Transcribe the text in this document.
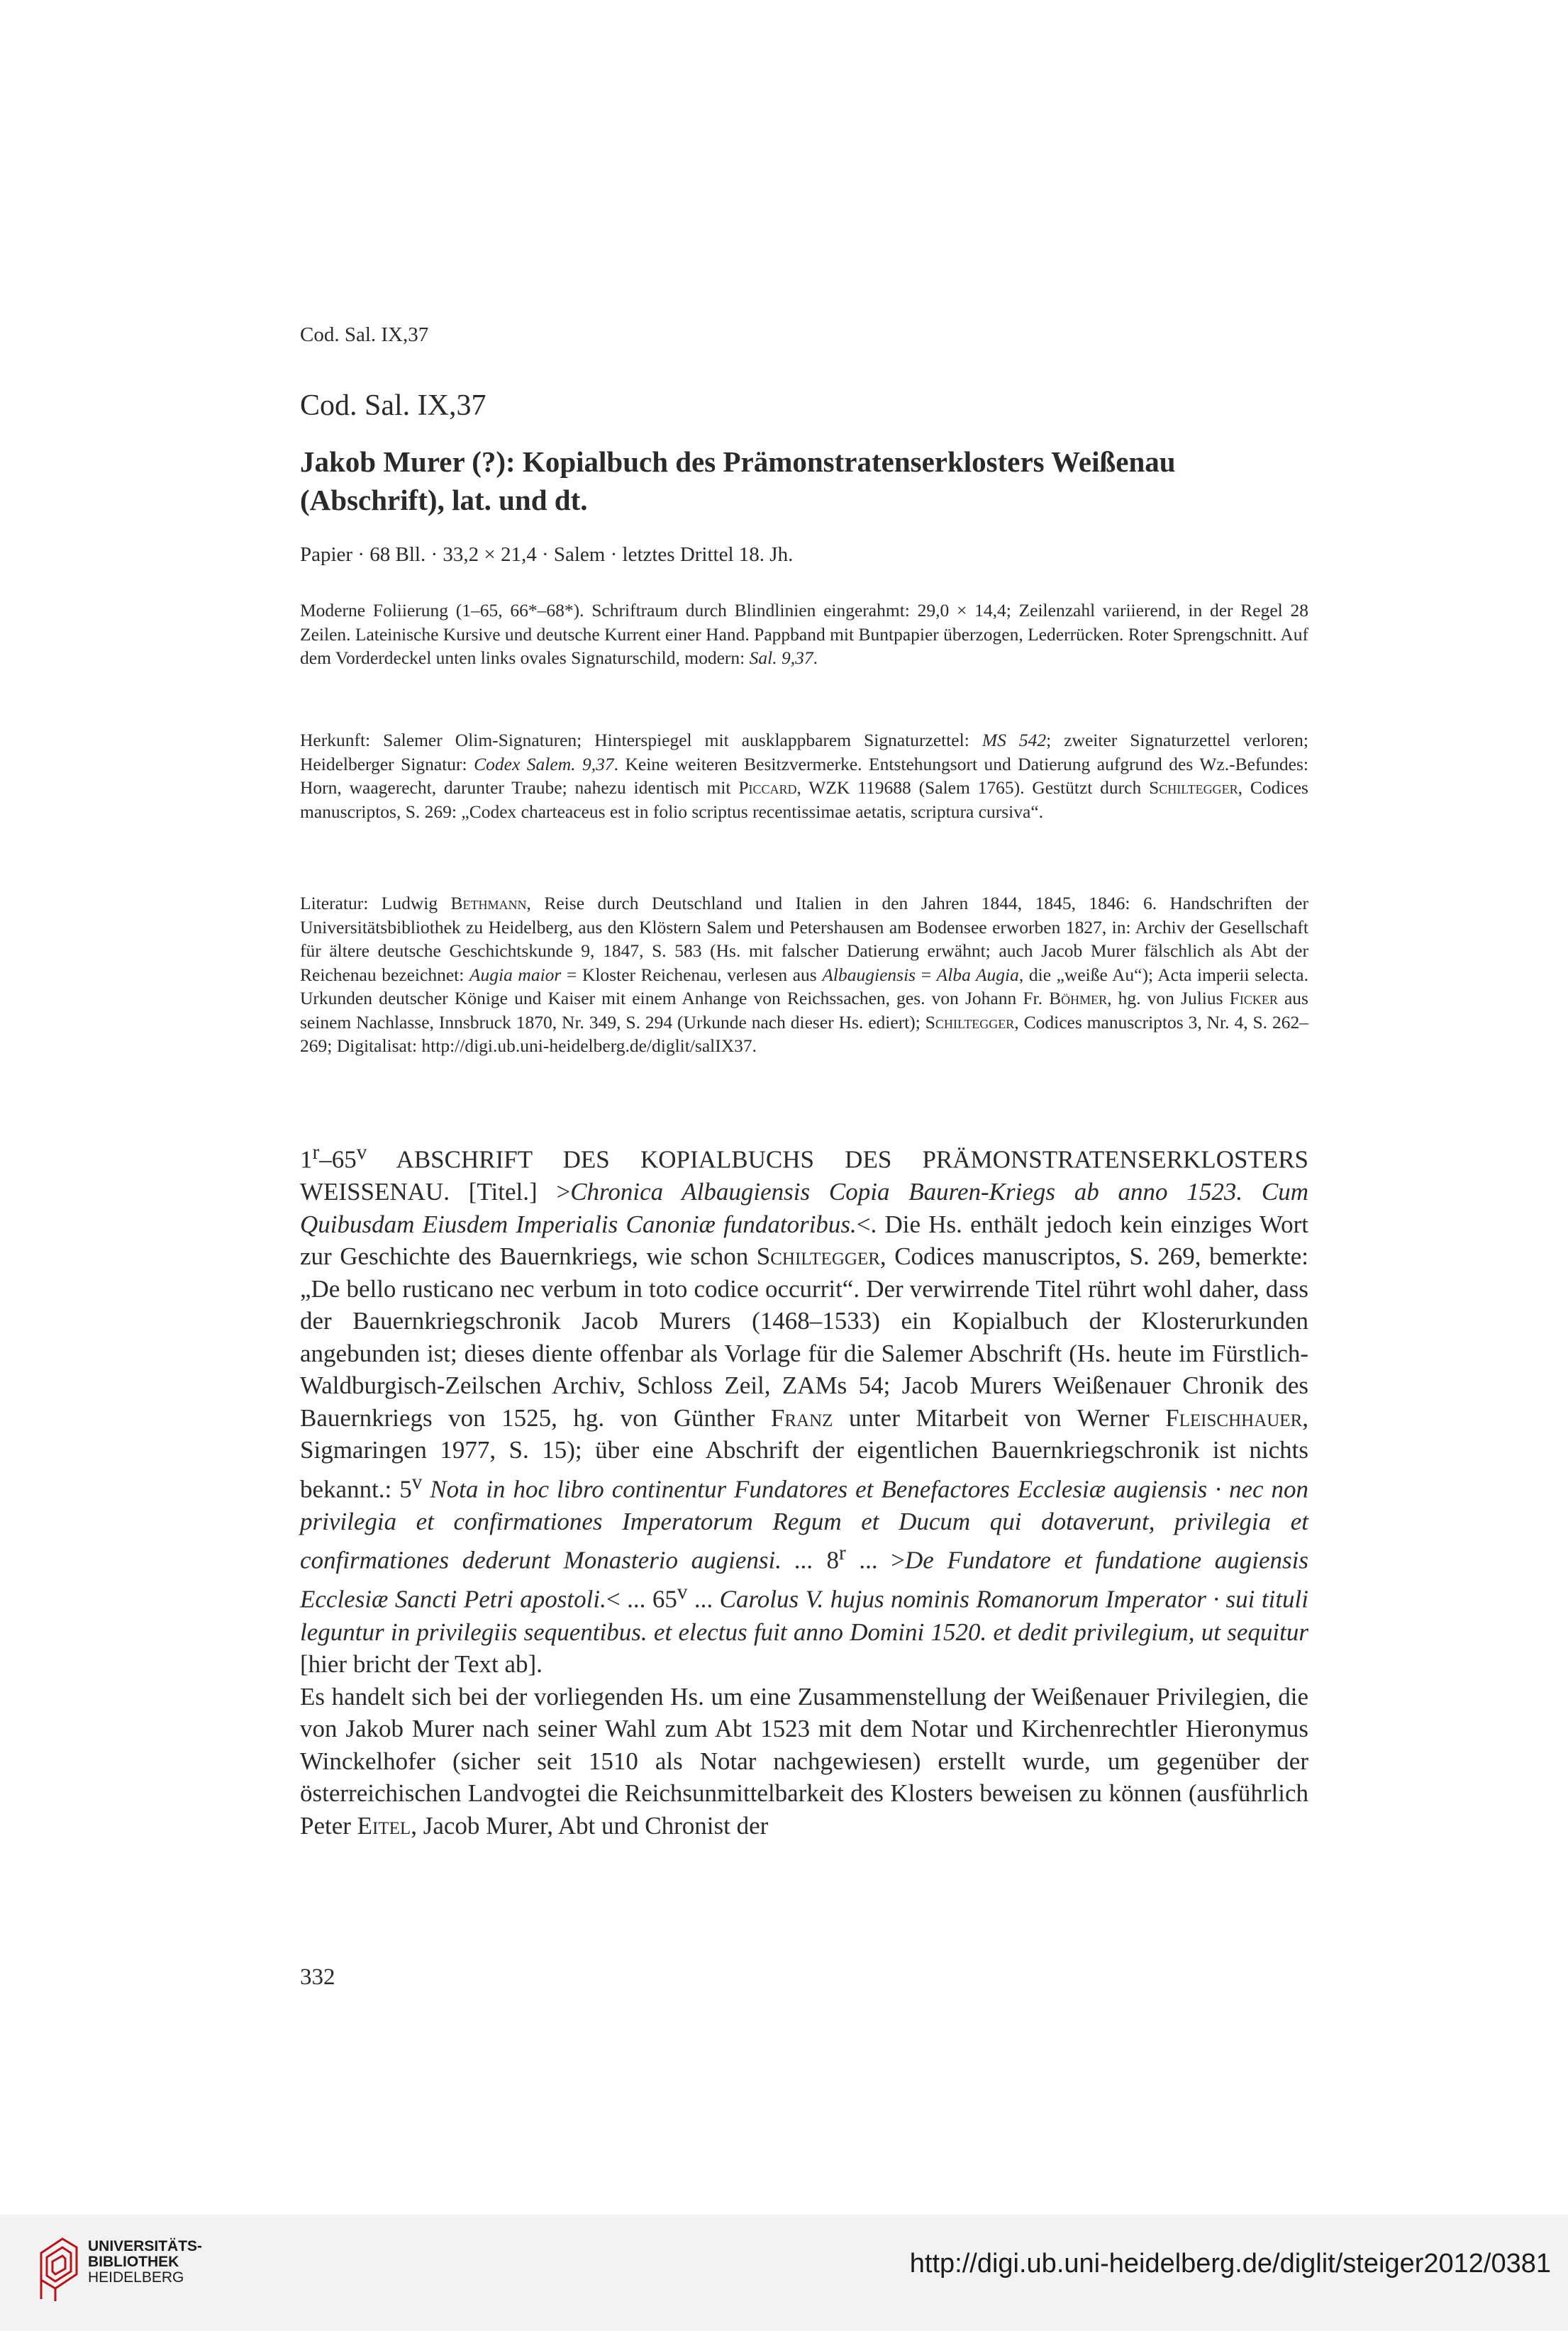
Cod. Sal. IX,37
Cod. Sal. IX,37
Jakob Murer (?): Kopialbuch des Prämonstratenserklosters Weißenau
(Abschrift), lat. und dt.
Papier · 68 Bll. · 33,2 × 21,4 · Salem · letztes Drittel 18. Jh.
Moderne Foliierung (1–65, 66*–68*). Schriftraum durch Blindlinien eingerahmt: 29,0 × 14,4; Zeilenzahl variierend, in der Regel 28 Zeilen. Lateinische Kursive und deutsche Kurrent einer Hand. Pappband mit Buntpapier überzogen, Lederrücken. Roter Sprengschnitt. Auf dem Vorderdeckel unten links ovales Signaturschild, modern: Sal. 9,37.
Herkunft: Salemer Olim-Signaturen; Hinterspiegel mit ausklappbarem Signaturzettel: MS 542; zweiter Signaturzettel verloren; Heidelberger Signatur: Codex Salem. 9,37. Keine weiteren Besitzvermerke. Entstehungsort und Datierung aufgrund des Wz.-Befundes: Horn, waagerecht, darunter Traube; nahezu identisch mit Piccard, WZK 119688 (Salem 1765). Gestützt durch Schiltegger, Codices manuscriptos, S. 269: „Codex charteaceus est in folio scriptus recentissimae aetatis, scriptura cursiva“.
Literatur: Ludwig Bethmann, Reise durch Deutschland und Italien in den Jahren 1844, 1845, 1846: 6. Handschriften der Universitätsbibliothek zu Heidelberg, aus den Klöstern Salem und Petershausen am Bodensee erworben 1827, in: Archiv der Gesellschaft für ältere deutsche Geschichtskunde 9, 1847, S. 583 (Hs. mit falscher Datierung erwähnt; auch Jacob Murer fälschlich als Abt der Reichenau bezeichnet: Augia maior = Kloster Reichenau, verlesen aus Albaugiensis = Alba Augia, die „weiße Au“); Acta imperii selecta. Urkunden deutscher Könige und Kaiser mit einem Anhange von Reichssachen, ges. von Johann Fr. Böhmer, hg. von Julius Ficker aus seinem Nachlasse, Innsbruck 1870, Nr. 349, S. 294 (Urkunde nach dieser Hs. ediert); Schiltegger, Codices manuscriptos 3, Nr. 4, S. 262–269; Digitalisat: http://digi.ub.uni-heidelberg.de/diglit/salIX37.

1$^r$–65$^v$ ABSCHRIFT DES KOPIALBUCHS DES PRÄMONSTRATENSERKLOSTERS WEISSENAU. [Titel.] >Chronica Albaugiensis Copia Bauren-Kriegs ab anno 1523. Cum Quibusdam Eiusdem Imperialis Canoniæ fundatoribus.<. Die Hs. enthält jedoch kein einziges Wort zur Geschichte des Bauernkriegs, wie schon Schiltegger, Codices manuscriptos, S. 269, bemerkte: „De bello rusticano nec verbum in toto codice occurrit“. Der verwirrende Titel rührt wohl daher, dass der Bauernkriegschronik Jacob Murers (1468–1533) ein Kopialbuch der Klosterurkunden angebunden ist; dieses diente offenbar als Vorlage für die Salemer Abschrift (Hs. heute im Fürstlich-Waldburgisch-Zeilschen Archiv, Schloss Zeil, ZAMs 54; Jacob Murers Weißenauer Chronik des Bauernkriegs von 1525, hg. von Günther Franz unter Mitarbeit von Werner Fleischhauer, Sigmaringen 1977, S. 15); über eine Abschrift der eigentlichen Bauernkriegschronik ist nichts bekannt.: 5$^v$ Nota in hoc libro continentur Fundatores et Benefactores Ecclesiæ augiensis · nec non privilegia et confirmationes Imperatorum Regum et Ducum qui dotaverunt, privilegia et confirmationes dederunt Monasterio augiensi. ... 8$^r$ ... >De Fundatore et fundatione augiensis Ecclesiæ Sancti Petri apostoli.< ... 65$^v$ ... Carolus V. hujus nominis Romanorum Imperator · sui tituli leguntur in privilegiis sequentibus. et electus fuit anno Domini 1520. et dedit privilegium, ut sequitur [hier bricht der Text ab].

Es handelt sich bei der vorliegenden Hs. um eine Zusammenstellung der Weißenauer Privilegien, die von Jakob Murer nach seiner Wahl zum Abt 1523 mit dem Notar und Kirchenrechtler Hieronymus Winckelhofer (sicher seit 1510 als Notar nachgewiesen) erstellt wurde, um gegenüber der österreichischen Landvogtei die Reichsunmittelbarkeit des Klosters beweisen zu können (ausführlich Peter Eitel, Jacob Murer, Abt und Chronist der

332
UNIVERSITÄTS-
BIBLIOTHEK
HEIDELBERG	http://digi.ub.uni-heidelberg.de/diglit/steiger2012/0381
